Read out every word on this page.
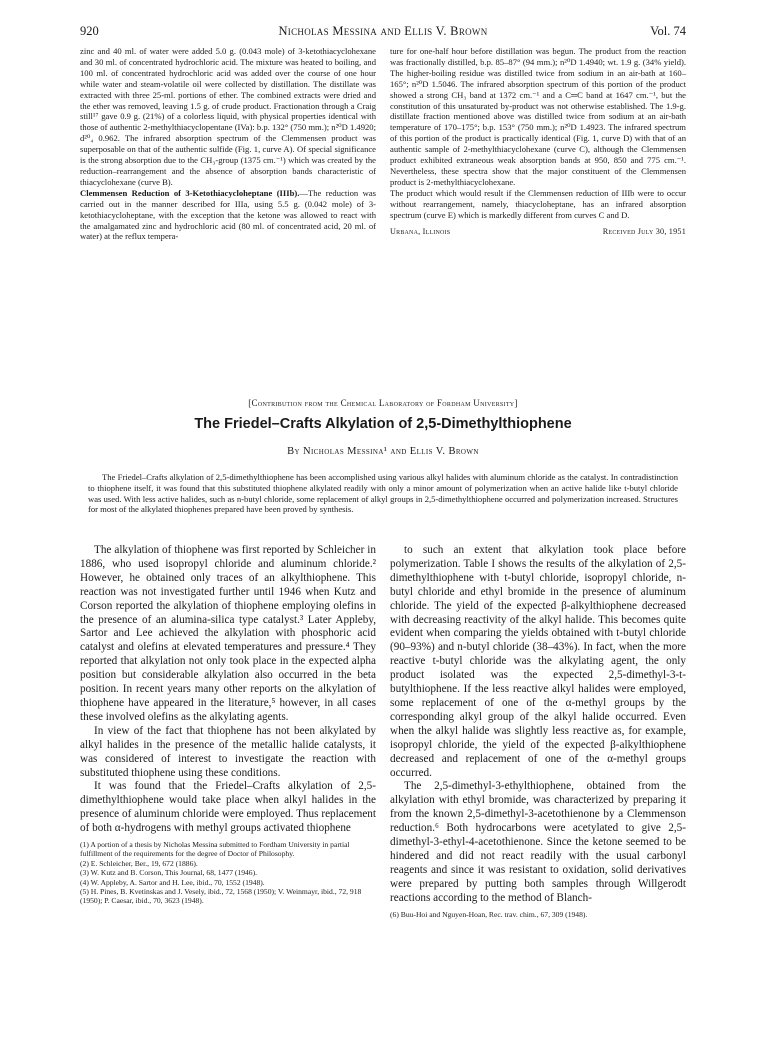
920	Nicholas Messina and Ellis V. Brown	Vol. 74

zinc and 40 ml. of water were added 5.0 g. (0.043 mole) of 3-ketothiacyclohexane and 30 ml. of concentrated hydrochloric acid. The mixture was heated to boiling, and 100 ml. of concentrated hydrochloric acid was added over the course of one hour while water and steam-volatile oil were collected by distillation. The distillate was extracted with three 25-ml. portions of ether. The combined extracts were dried and the ether was removed, leaving 1.5 g. of crude product. Fractionation through a Craig still¹⁷ gave 0.9 g. (21%) of a colorless liquid, with physical properties identical with those of authentic 2-methylthiacyclopentane (IVa): b.p. 132° (750 mm.); n²⁰D 1.4920; d²⁰₄ 0.962. The infrared absorption spectrum of the Clemmensen product was superposable on that of the authentic sulfide (Fig. 1, curve A). Of special significance is the strong absorption due to the CH₃-group (1375 cm.⁻¹) which was created by the reduction–rearrangement and the absence of absorption bands characteristic of thiacyclohexane (curve B).

Clemmensen Reduction of 3-Ketothiacycloheptane (IIIb).—The reduction was carried out in the manner described for IIIa, using 5.5 g. (0.042 mole) of 3-ketothiacycloheptane, with the exception that the ketone was allowed to react with the amalgamated zinc and hydrochloric acid (80 ml. of concentrated acid, 20 ml. of water) at the reflux tempera-

ture for one-half hour before distillation was begun. The product from the reaction was fractionally distilled, b.p. 85–87° (94 mm.); n²⁰D 1.4940; wt. 1.9 g. (34% yield). The higher-boiling residue was distilled twice from sodium in an air-bath at 160–165°; n²⁰D 1.5046. The infrared absorption spectrum of this portion of the product showed a strong CH₃ band at 1372 cm.⁻¹ and a C═C band at 1647 cm.⁻¹, but the constitution of this unsaturated by-product was not otherwise established. The 1.9-g. distillate fraction mentioned above was distilled twice from sodium at an air-bath temperature of 170–175°; b.p. 153° (750 mm.); n²⁰D 1.4923. The infrared spectrum of this portion of the product is practically identical (Fig. 1, curve D) with that of an authentic sample of 2-methylthiacyclohexane (curve C), although the Clemmensen product exhibited extraneous weak absorption bands at 950, 850 and 775 cm.⁻¹. Nevertheless, these spectra show that the major constituent of the Clemmensen product is 2-methylthiacyclohexane.

The product which would result if the Clemmensen reduction of IIIb were to occur without rearrangement, namely, thiacycloheptane, has an infrared absorption spectrum (curve E) which is markedly different from curves C and D.

Urbana, Illinois	Received July 30, 1951
[Contribution from the Chemical Laboratory of Fordham University]
The Friedel–Crafts Alkylation of 2,5-Dimethylthiophene
By Nicholas Messina¹ and Ellis V. Brown
The Friedel–Crafts alkylation of 2,5-dimethylthiophene has been accomplished using various alkyl halides with aluminum chloride as the catalyst. In contradistinction to thiophene itself, it was found that this substituted thiophene alkylated readily with only a minor amount of polymerization when an active halide like t-butyl chloride was used. With less active halides, such as n-butyl chloride, some replacement of alkyl groups in 2,5-dimethylthiophene occurred and polymerization increased. Structures for most of the alkylated thiophenes prepared have been proved by synthesis.

The alkylation of thiophene was first reported by Schleicher in 1886, who used isopropyl chloride and aluminum chloride.² However, he obtained only traces of an alkylthiophene. This reaction was not investigated further until 1946 when Kutz and Corson reported the alkylation of thiophene employing olefins in the presence of an alumina-silica type catalyst.³ Later Appleby, Sartor and Lee achieved the alkylation with phosphoric acid catalyst and olefins at elevated temperatures and pressure.⁴ They reported that alkylation not only took place in the expected alpha position but considerable alkylation also occurred in the beta position. In recent years many other reports on the alkylation of thiophene have appeared in the literature,⁵ however, in all cases these involved olefins as the alkylating agents.

In view of the fact that thiophene has not been alkylated by alkyl halides in the presence of the metallic halide catalysts, it was considered of interest to investigate the reaction with substituted thiophene using these conditions.

It was found that the Friedel–Crafts alkylation of 2,5-dimethylthiophene would take place when alkyl halides in the presence of aluminum chloride were employed. Thus replacement of both α-hydrogens with methyl groups activated thiophene

(1) A portion of a thesis by Nicholas Messina submitted to Fordham University in partial fulfillment of the requirements for the degree of Doctor of Philosophy.
(2) E. Schleicher, Ber., 19, 672 (1886).
(3) W. Kutz and B. Corson, This Journal, 68, 1477 (1946).
(4) W. Appleby, A. Sartor and H. Lee, ibid., 70, 1552 (1948).
(5) H. Pines, B. Kvetinskas and J. Vesely, ibid., 72, 1568 (1950); V. Weinmayr, ibid., 72, 918 (1950); P. Caesar, ibid., 70, 3623 (1948).

to such an extent that alkylation took place before polymerization. Table I shows the results of the alkylation of 2,5-dimethylthiophene with t-butyl chloride, isopropyl chloride, n-butyl chloride and ethyl bromide in the presence of aluminum chloride. The yield of the expected β-alkylthiophene decreased with decreasing reactivity of the alkyl halide. This becomes quite evident when comparing the yields obtained with t-butyl chloride (90–93%) and n-butyl chloride (38–43%). In fact, when the more reactive t-butyl chloride was the alkylating agent, the only product isolated was the expected 2,5-dimethyl-3-t-butylthiophene. If the less reactive alkyl halides were employed, some replacement of one of the α-methyl groups by the corresponding alkyl group of the alkyl halide occurred. Even when the alkyl halide was slightly less reactive as, for example, isopropyl chloride, the yield of the expected β-alkylthiophene decreased and replacement of one of the α-methyl groups occurred.

The 2,5-dimethyl-3-ethylthiophene, obtained from the alkylation with ethyl bromide, was characterized by preparing it from the known 2,5-dimethyl-3-acetothienone by a Clemmenson reduction.⁶ Both hydrocarbons were acetylated to give 2,5-dimethyl-3-ethyl-4-acetothienone. Since the ketone seemed to be hindered and did not react readily with the usual carbonyl reagents and since it was resistant to oxidation, solid derivatives were prepared by putting both samples through Willgerodt reactions according to the method of Blanch-

(6) Buu-Hoi and Nguyen-Hoan, Rec. trav. chim., 67, 309 (1948).
